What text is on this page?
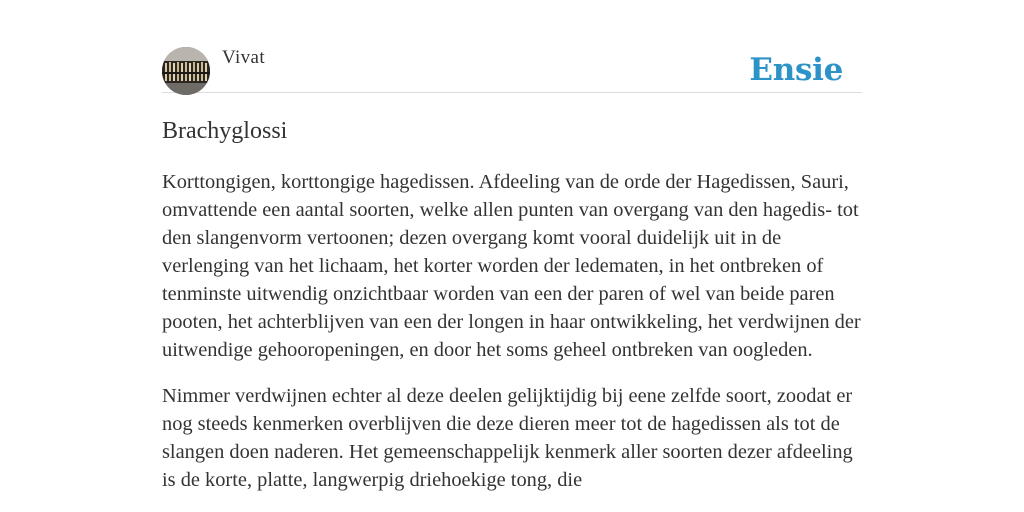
Vivat	Ensie
Brachyglossi

Korttongigen, korttongige hagedissen. Afdeeling van de orde der Hagedissen, Sauri, omvattende een aantal soorten, welke allen punten van overgang van den hagedis- tot den slangenvorm vertoonen; dezen overgang komt vooral duidelijk uit in de verlenging van het lichaam, het korter worden der ledematen, in het ontbreken of tenminste uitwendig onzichtbaar worden van een der paren of wel van beide paren pooten, het achterblijven van een der longen in haar ontwikkeling, het verdwijnen der uitwendige gehooropeningen, en door het soms geheel ontbreken van oogleden.

Nimmer verdwijnen echter al deze deelen gelijktijdig bij eene zelfde soort, zoodat er nog steeds kenmerken overblijven die deze dieren meer tot de hagedissen als tot de slangen doen naderen. Het gemeenschappelijk kenmerk aller soorten dezer afdeeling is de korte, platte, langwerpig driehoekige tong, die
